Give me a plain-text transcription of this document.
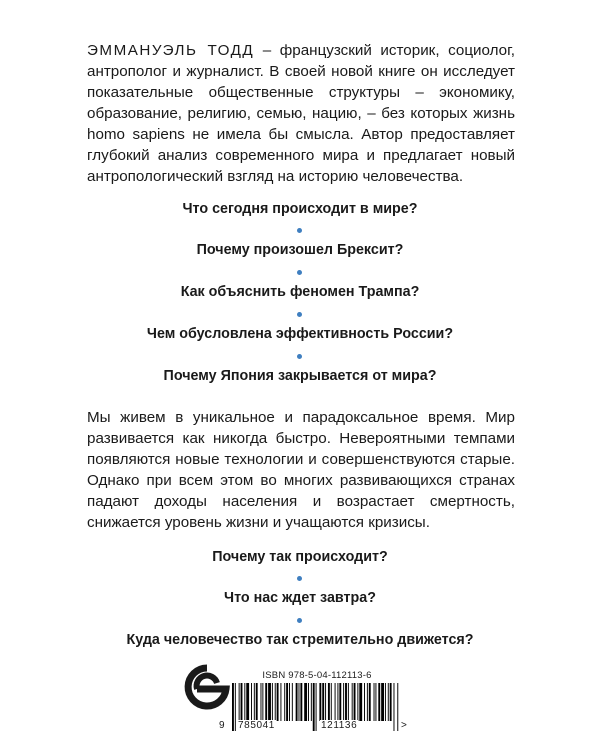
ЭММАНУЭЛЬ ТОДД – французский историк, социолог, антрополог и журналист. В своей новой книге он исследует показательные общественные структуры – экономику, образование, религию, семью, нацию, – без которых жизнь homo sapiens не имела бы смысла. Автор предоставляет глубокий анализ современного мира и предлагает новый антропологический взгляд на историю человечества.

Что сегодня происходит в мире?

Почему произошел Брексит?

Как объяснить феномен Трампа?

Чем обусловлена эффективность России?

Почему Япония закрывается от мира?

Мы живем в уникальное и парадоксальное время. Мир развивается как никогда быстро. Невероятными темпами появляются новые технологии и совершенствуются старые. Однако при всем этом во многих развивающихся странах падают доходы населения и возрастает смертность, снижается уровень жизни и учащаются кризисы.

Почему так происходит?

Что нас ждет завтра?

Куда человечество так стремительно движется?

ISBN 978-5-04-112113-6

9 785041	121136	>
